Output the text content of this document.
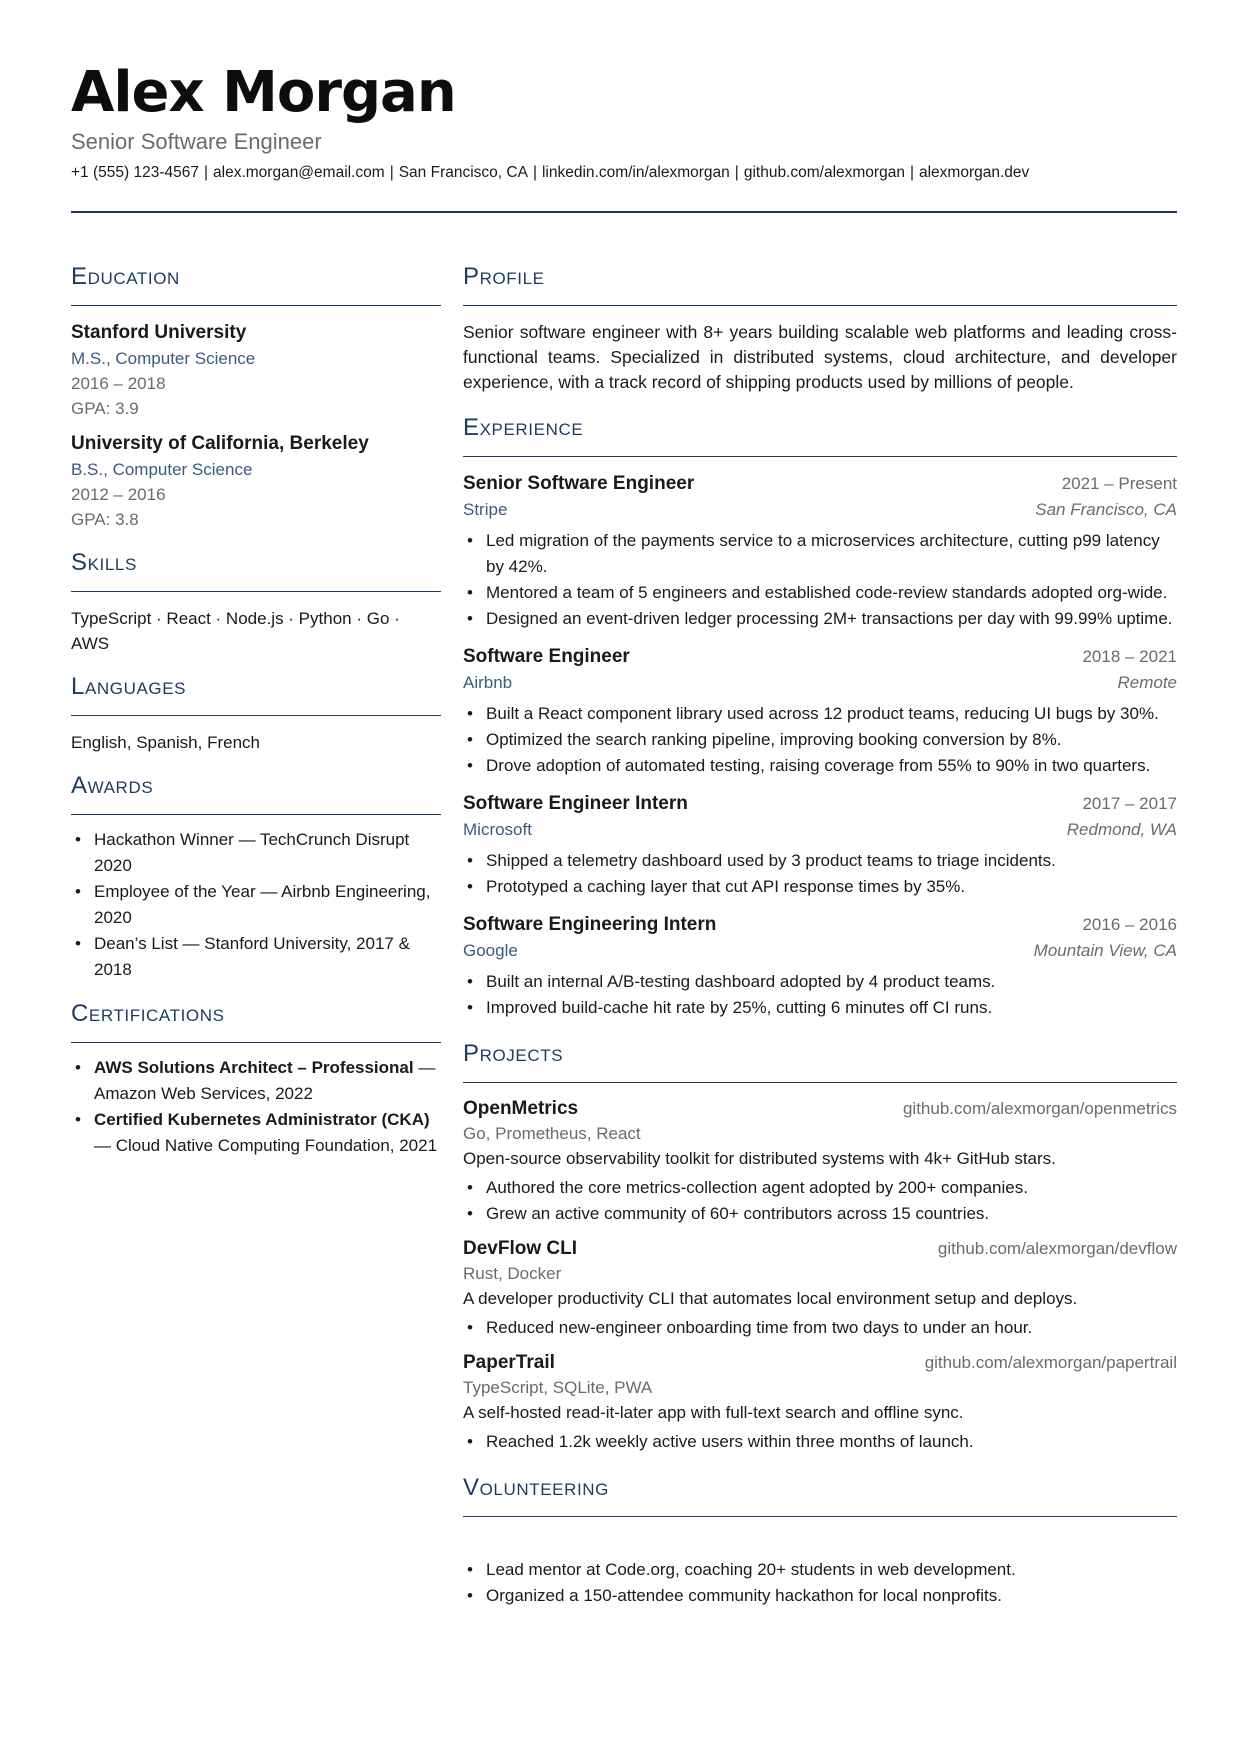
Alex Morgan
Senior Software Engineer
+1 (555) 123-4567 | alex.morgan@email.com | San Francisco, CA | linkedin.com/in/alexmorgan | github.com/alexmorgan | alexmorgan.dev
Education
Stanford University
M.S., Computer Science
2016 – 2018
GPA: 3.9
University of California, Berkeley
B.S., Computer Science
2012 – 2016
GPA: 3.8
Skills
TypeScript · React · Node.js · Python · Go · AWS
Languages
English, Spanish, French
Awards
• Hackathon Winner — TechCrunch Disrupt 2020
• Employee of the Year — Airbnb Engineering, 2020
• Dean’s List — Stanford University, 2017 & 2018
Certifications
• AWS Solutions Architect – Professional — Amazon Web Services, 2022
• Certified Kubernetes Administrator (CKA) — Cloud Native Computing Foundation, 2021
Profile
Senior software engineer with 8+ years building scalable web platforms and leading cross-functional teams. Specialized in distributed systems, cloud architecture, and developer experience, with a track record of shipping products used by millions of people.
Experience
Senior Software Engineer	2021 – Present
Stripe	San Francisco, CA
• Led migration of the payments service to a microservices architecture, cutting p99 latency by 42%.
• Mentored a team of 5 engineers and established code-review standards adopted org-wide.
• Designed an event-driven ledger processing 2M+ transactions per day with 99.99% uptime.
Software Engineer	2018 – 2021
Airbnb	Remote
• Built a React component library used across 12 product teams, reducing UI bugs by 30%.
• Optimized the search ranking pipeline, improving booking conversion by 8%.
• Drove adoption of automated testing, raising coverage from 55% to 90% in two quarters.
Software Engineer Intern	2017 – 2017
Microsoft	Redmond, WA
• Shipped a telemetry dashboard used by 3 product teams to triage incidents.
• Prototyped a caching layer that cut API response times by 35%.
Software Engineering Intern	2016 – 2016
Google	Mountain View, CA
• Built an internal A/B-testing dashboard adopted by 4 product teams.
• Improved build-cache hit rate by 25%, cutting 6 minutes off CI runs.
Projects
OpenMetrics	github.com/alexmorgan/openmetrics
Go, Prometheus, React
Open-source observability toolkit for distributed systems with 4k+ GitHub stars.
• Authored the core metrics-collection agent adopted by 200+ companies.
• Grew an active community of 60+ contributors across 15 countries.
DevFlow CLI	github.com/alexmorgan/devflow
Rust, Docker
A developer productivity CLI that automates local environment setup and deploys.
• Reduced new-engineer onboarding time from two days to under an hour.
PaperTrail	github.com/alexmorgan/papertrail
TypeScript, SQLite, PWA
A self-hosted read-it-later app with full-text search and offline sync.
• Reached 1.2k weekly active users within three months of launch.
Volunteering
• Lead mentor at Code.org, coaching 20+ students in web development.
• Organized a 150-attendee community hackathon for local nonprofits.
